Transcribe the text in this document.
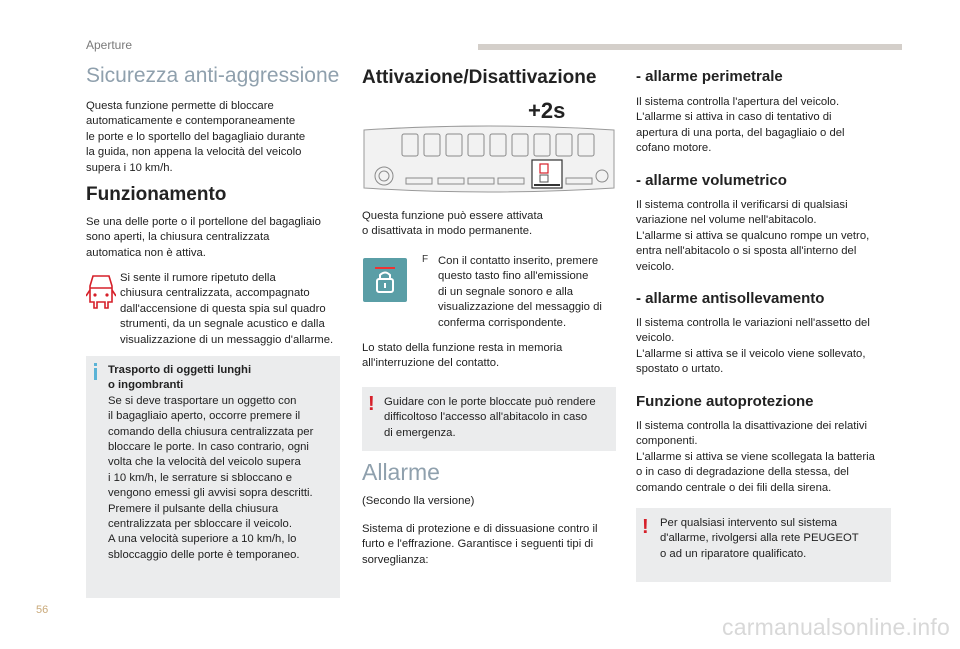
Aperture
Sicurezza anti-aggressione

Questa funzione permette di bloccare

automaticamente e contemporaneamente

le porte e lo sportello del bagagliaio durante

la guida, non appena la velocità del veicolo

supera i 10 km/h.

Funzionamento

Se una delle porte o il portellone del bagagliaio

sono aperti, la chiusura centralizzata

automatica non è attiva.

Si sente il rumore ripetuto della

chiusura centralizzata, accompagnato

dall'accensione di questa spia sul quadro

strumenti, da un segnale acustico e dalla

visualizzazione di un messaggio d'allarme.

Trasporto di oggetti lunghi

o ingombranti

Se si deve trasportare un oggetto con

il bagagliaio aperto, occorre premere il

comando della chiusura centralizzata per

bloccare le porte. In caso contrario, ogni

volta che la velocità del veicolo supera

i 10 km/h, le serrature si sbloccano e

vengono emessi gli avvisi sopra descritti.

Premere il pulsante della chiusura

centralizzata per sbloccare il veicolo.

A una velocità superiore a 10 km/h, lo

sbloccaggio delle porte è temporaneo.

Attivazione/Disattivazione
+2s

Questa funzione può essere attivata

o disattivata in modo permanente.

F Con il contatto inserito, premere

questo tasto fino all'emissione

di un segnale sonoro e alla

visualizzazione del messaggio di

conferma corrispondente.

Lo stato della funzione resta in memoria

all'interruzione del contatto.

! Guidare con le porte bloccate può rendere

difficoltoso l'accesso all'abitacolo in caso

di emergenza.

Allarme

(Secondo lla versione)

Sistema di protezione e di dissuasione contro il

furto e l'effrazione. Garantisce i seguenti tipi di

sorveglianza:

- allarme perimetrale

Il sistema controlla l'apertura del veicolo.

L'allarme si attiva in caso di tentativo di

apertura di una porta, del bagagliaio o del

cofano motore.

- allarme volumetrico

Il sistema controlla il verificarsi di qualsiasi

variazione nel volume nell'abitacolo.

L'allarme si attiva se qualcuno rompe un vetro,

entra nell'abitacolo o si sposta all'interno del

veicolo.

- allarme antisollevamento

Il sistema controlla le variazioni nell'assetto del

veicolo.

L'allarme si attiva se il veicolo viene sollevato,

spostato o urtato.

Funzione autoprotezione

Il sistema controlla la disattivazione dei relativi

componenti.

L'allarme si attiva se viene scollegata la batteria

o in caso di degradazione della stessa, del

comando centrale o dei fili della sirena.

! Per qualsiasi intervento sul sistema

d'allarme, rivolgersi alla rete PEUGEOT

o ad un riparatore qualificato.

56
carmanualsonline.info
